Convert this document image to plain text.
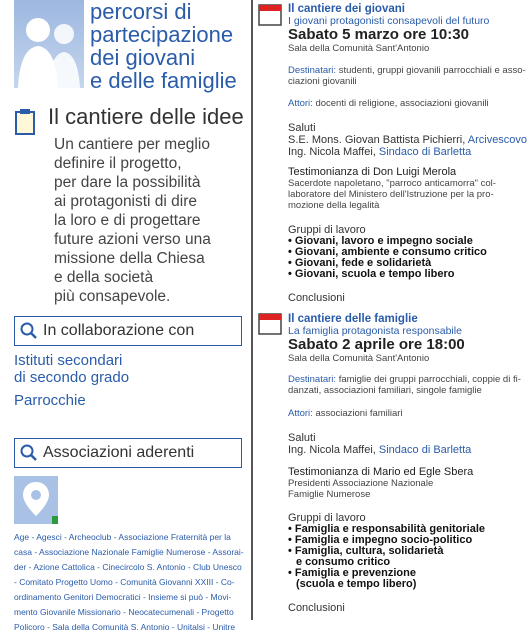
percorsi di
partecipazione
dei giovani
e delle famiglie
Il cantiere delle idee
Un cantiere per meglio
definire il progetto,
per dare la possibilità
ai protagonisti di dire
la loro e di progettare
future azioni verso una
missione della Chiesa
e della società
più consapevole.
In collaborazione con
Istituti secondari
di secondo grado
Parrocchie
Associazioni aderenti
Age - Agesci - Archeoclub - Associazione Fraternità per la
casa - Associazione Nazionale Famiglie Numerose - Assorai-
der - Azione Cattolica - Cinecircolo S. Antonio - Club Unesco
- Comitato Progetto Uomo - Comunità Giovanni XXIII - Co-
ordinamento Genitori Democratici - Insieme si può - Movi-
mento Giovanile Missionario - Neocatecumenali - Progetto
Policoro - Sala della Comunità S. Antonio - Unitalsi - Unitre
Il cantiere dei giovani
I giovani protagonisti consapevoli del futuro
Sabato 5 marzo ore 10:30
Sala della Comunità Sant'Antonio
Destinatari: studenti, gruppi giovanili parrocchiali e asso-
ciazioni giovanili
Attori: docenti di religione, associazioni giovanili
Saluti
S.E. Mons. Giovan Battista Pichierri, Arcivescovo
Ing. Nicola Maffei, Sindaco di Barletta
Testimonianza di Don Luigi Merola
Sacerdote napoletano, "parroco anticamorra" col-
laboratore del Ministero dell'Istruzione per la pro-
mozione della legalità
Gruppi di lavoro
• Giovani, lavoro e impegno sociale
• Giovani, ambiente e consumo critico
• Giovani, fede e solidarietà
• Giovani, scuola e tempo libero
Conclusioni
Il cantiere delle famiglie
La famiglia protagonista responsabile
Sabato 2 aprile ore 18:00
Sala della Comunità Sant'Antonio
Destinatari: famiglie dei gruppi parrocchiali, coppie di fi-
danzati, associazioni familiari, singole famiglie
Attori: associazioni familiari
Saluti
Ing. Nicola Maffei, Sindaco di Barletta
Testimonianza di Mario ed Egle Sbera
Presidenti Associazione Nazionale
Famiglie Numerose
Gruppi di lavoro
• Famiglia e responsabilità genitoriale
• Famiglia e impegno socio-politico
• Famiglia, cultura, solidarietà
e consumo critico
• Famiglia e prevenzione
(scuola e tempo libero)
Conclusioni
